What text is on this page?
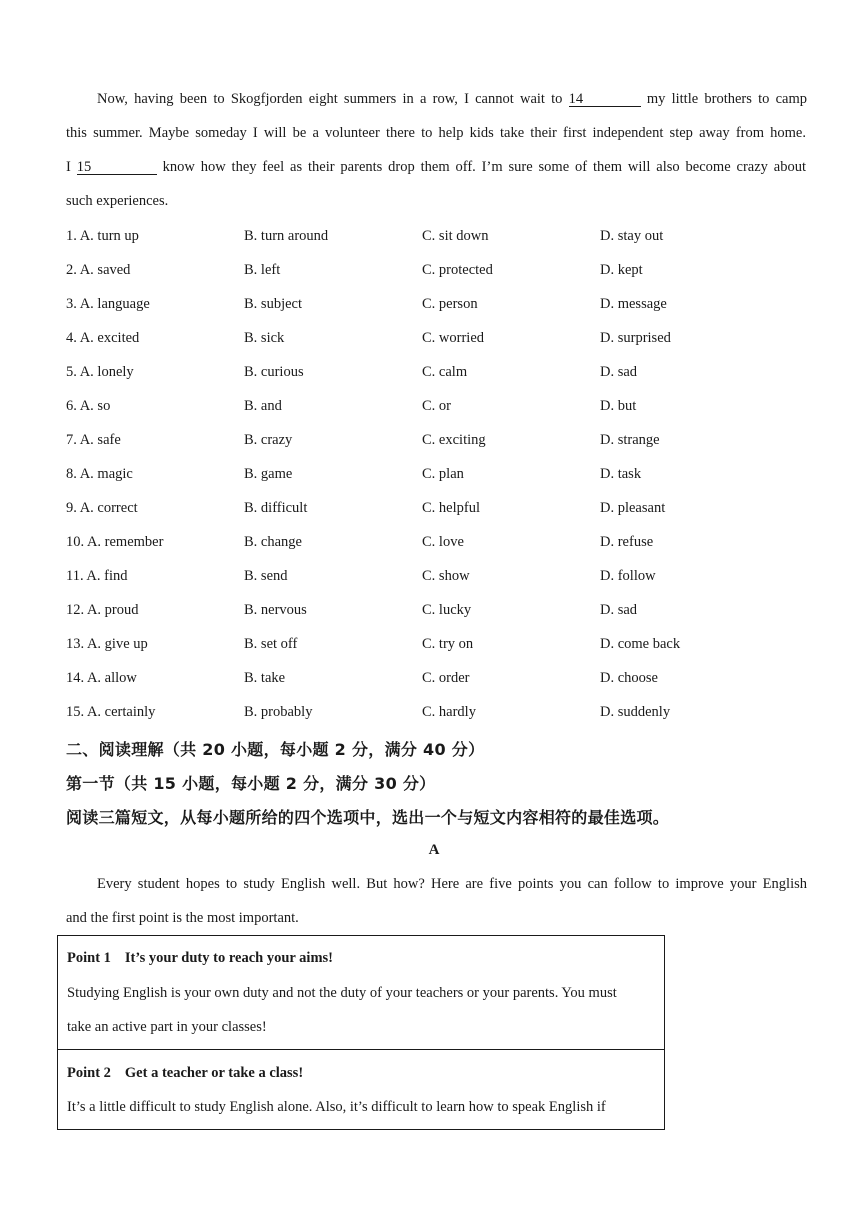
Now, having been to Skogfjorden eight summers in a row, I cannot wait to 14	my little brothers to camp
this summer. Maybe someday I will be a volunteer there to help kids take their first independent step away from home.
I 15	know how they feel as their parents drop them off. I’m sure some of them will also become crazy about
such experiences.
1. A. turn up	B. turn around	C. sit down	D. stay out
2. A. saved	B. left	C. protected	D. kept
3. A. language	B. subject	C. person	D. message
4. A. excited	B. sick	C. worried	D. surprised
5. A. lonely	B. curious	C. calm	D. sad
6. A. so	B. and	C. or	D. but
7. A. safe	B. crazy	C. exciting	D. strange
8. A. magic	B. game	C. plan	D. task
9. A. correct	B. difficult	C. helpful	D. pleasant
10. A. remember	B. change	C. love	D. refuse
11. A. find	B. send	C. show	D. follow
12. A. proud	B. nervous	C. lucky	D. sad
13. A. give up	B. set off	C. try on	D. come back
14. A. allow	B. take	C. order	D. choose
15. A. certainly	B. probably	C. hardly	D. suddenly
二、阅读理解（共 20 小题，每小题 2 分，满分 40 分）
第一节（共 15 小题，每小题 2 分，满分 30 分）
阅读三篇短文，从每小题所给的四个选项中，选出一个与短文内容相符的最佳选项。
A
Every student hopes to study English well. But how? Here are five points you can follow to improve your English
and the first point is the most important.
Point 1 It’s your duty to reach your aims!
Studying English is your own duty and not the duty of your teachers or your parents. You must
take an active part in your classes!
Point 2 Get a teacher or take a class!
It’s a little difficult to study English alone. Also, it’s difficult to learn how to speak English if
